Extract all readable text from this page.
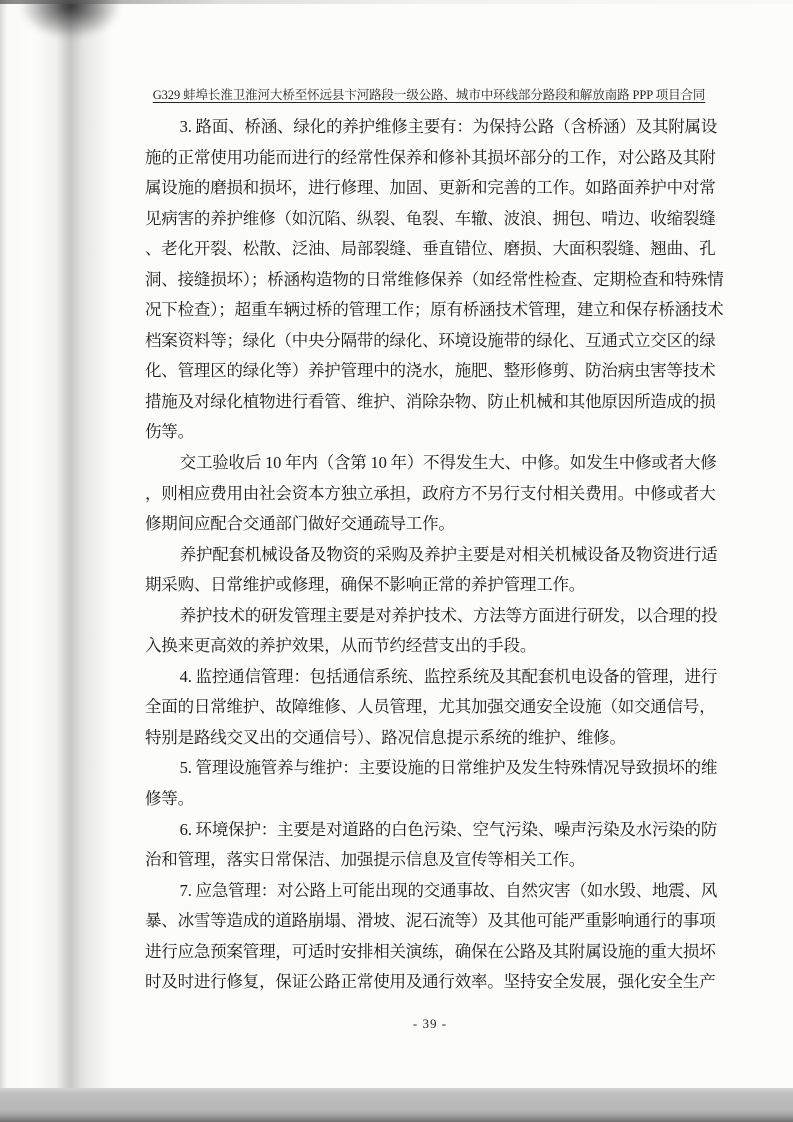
G329 蚌埠长淮卫淮河大桥至怀远县卞河路段一级公路、城市中环线部分路段和解放南路 PPP 项目合同
3. 路面、桥涵、绿化的养护维修主要有：为保持公路（含桥涵）及其附属设
施的正常使用功能而进行的经常性保养和修补其损坏部分的工作，对公路及其附
属设施的磨损和损坏，进行修理、加固、更新和完善的工作。如路面养护中对常
见病害的养护维修（如沉陷、纵裂、龟裂、车辙、波浪、拥包、啃边、收缩裂缝
、老化开裂、松散、泛油、局部裂缝、垂直错位、磨损、大面积裂缝、翘曲、孔
洞、接缝损坏）；桥涵构造物的日常维修保养（如经常性检查、定期检查和特殊情
况下检查）；超重车辆过桥的管理工作；原有桥涵技术管理，建立和保存桥涵技术
档案资料等；绿化（中央分隔带的绿化、环境设施带的绿化、互通式立交区的绿
化、管理区的绿化等）养护管理中的浇水，施肥、整形修剪、防治病虫害等技术
措施及对绿化植物进行看管、维护、消除杂物、防止机械和其他原因所造成的损
伤等。
交工验收后 10 年内（含第 10 年）不得发生大、中修。如发生中修或者大修
，则相应费用由社会资本方独立承担，政府方不另行支付相关费用。中修或者大
修期间应配合交通部门做好交通疏导工作。
养护配套机械设备及物资的采购及养护主要是对相关机械设备及物资进行适
期采购、日常维护或修理，确保不影响正常的养护管理工作。
养护技术的研发管理主要是对养护技术、方法等方面进行研发，以合理的投
入换来更高效的养护效果，从而节约经营支出的手段。
4. 监控通信管理：包括通信系统、监控系统及其配套机电设备的管理，进行
全面的日常维护、故障维修、人员管理，尤其加强交通安全设施（如交通信号，
特别是路线交叉出的交通信号）、路况信息提示系统的维护、维修。
5. 管理设施管养与维护：主要设施的日常维护及发生特殊情况导致损坏的维
修等。
6. 环境保护：主要是对道路的白色污染、空气污染、噪声污染及水污染的防
治和管理，落实日常保洁、加强提示信息及宣传等相关工作。
7. 应急管理：对公路上可能出现的交通事故、自然灾害（如水毁、地震、风
暴、冰雪等造成的道路崩塌、滑坡、泥石流等）及其他可能严重影响通行的事项
进行应急预案管理，可适时安排相关演练，确保在公路及其附属设施的重大损坏
时及时进行修复，保证公路正常使用及通行效率。坚持安全发展，强化安全生产
- 39 -
